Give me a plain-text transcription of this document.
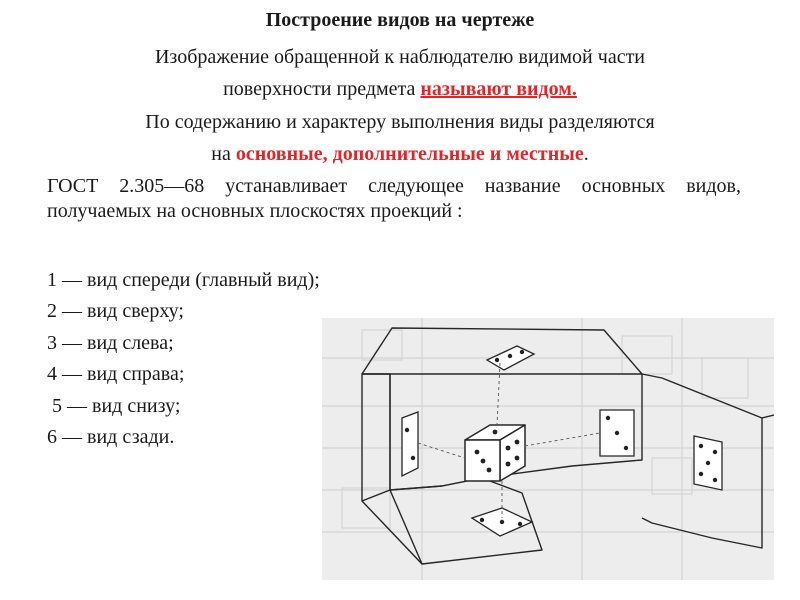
Построение видов на чертеже
Изображение обращенной к наблюдателю видимой части
поверхности предмета называют видом.
По содержанию и характеру выполнения виды разделяются
на основные, дополнительные и местные.
ГОСТ 2.305—68 устанавливает следующее название основных видов, получаемых на основных плоскостях проекций :
1 — вид спереди (главный вид);
2 — вид сверху;
3 — вид слева;
4 — вид справа;
5 — вид снизу;
6 — вид сзади.
